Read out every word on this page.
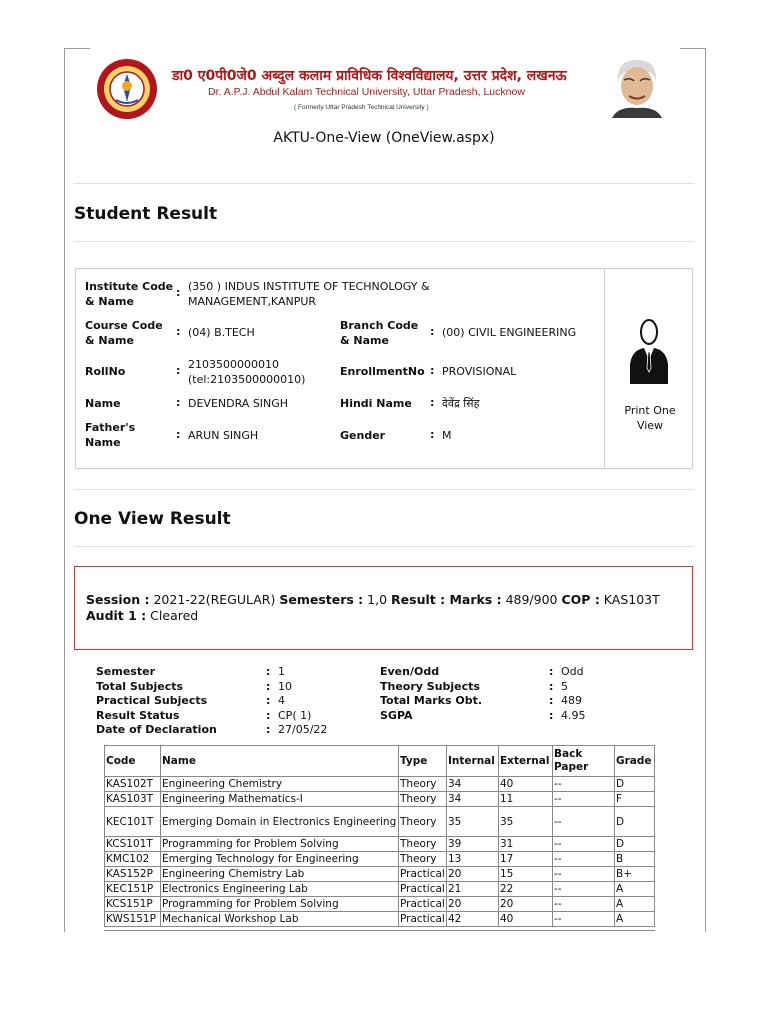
डा0 ए0पी0जे0 अब्दुल कलाम प्राविधिक विश्वविद्यालय, उत्तर प्रदेश, लखनऊ
Dr. A.P.J. Abdul Kalam Technical University, Uttar Pradesh, Lucknow
( Formerly Uttar Pradesh Technical University )
AKTU-One-View (OneView.aspx)
Student Result
Institute Code & Name
: (350 ) INDUS INSTITUTE OF TECHNOLOGY & MANAGEMENT,KANPUR
Course Code & Name
: (04) B.TECH
Branch Code & Name
: (00) CIVIL ENGINEERING
RollNo	: 2103500000010 (tel:2103500000010)
EnrollmentNo : PROVISIONAL
Name	: DEVENDRA SINGH	Hindi Name : देवेंद्र सिंह
Father's Name
: ARUN SINGH	Gender	: M
Print One View
One View Result
Session : 2021-22(REGULAR) Semesters : 1,0 Result : Marks : 489/900 COP : KAS103T
Audit 1 : Cleared
Semester	: 1	Even/Odd	: Odd
Total Subjects	: 10	Theory Subjects	: 5
Practical Subjects	: 4	Total Marks Obt.	: 489
Result Status	: CP( 1)	SGPA	: 4.95
Date of Declaration	: 27/05/22
Code	Name	Type	Internal	External	Back Paper	Grade
KAS102T	Engineering Chemistry	Theory	34	40	--	D
KAS103T	Engineering Mathematics-I	Theory	34	11	--	F
KEC101T	Emerging Domain in Electronics Engineering	Theory	35	35	--	D
KCS101T	Programming for Problem Solving	Theory	39	31	--	D
KMC102	Emerging Technology for Engineering	Theory	13	17	--	B
KAS152P	Engineering Chemistry Lab	Practical	20	15	--	B+
KEC151P	Electronics Engineering Lab	Practical	21	22	--	A
KCS151P	Programming for Problem Solving	Practical	20	20	--	A
KWS151P	Mechanical Workshop Lab	Practical	42	40	--	A
